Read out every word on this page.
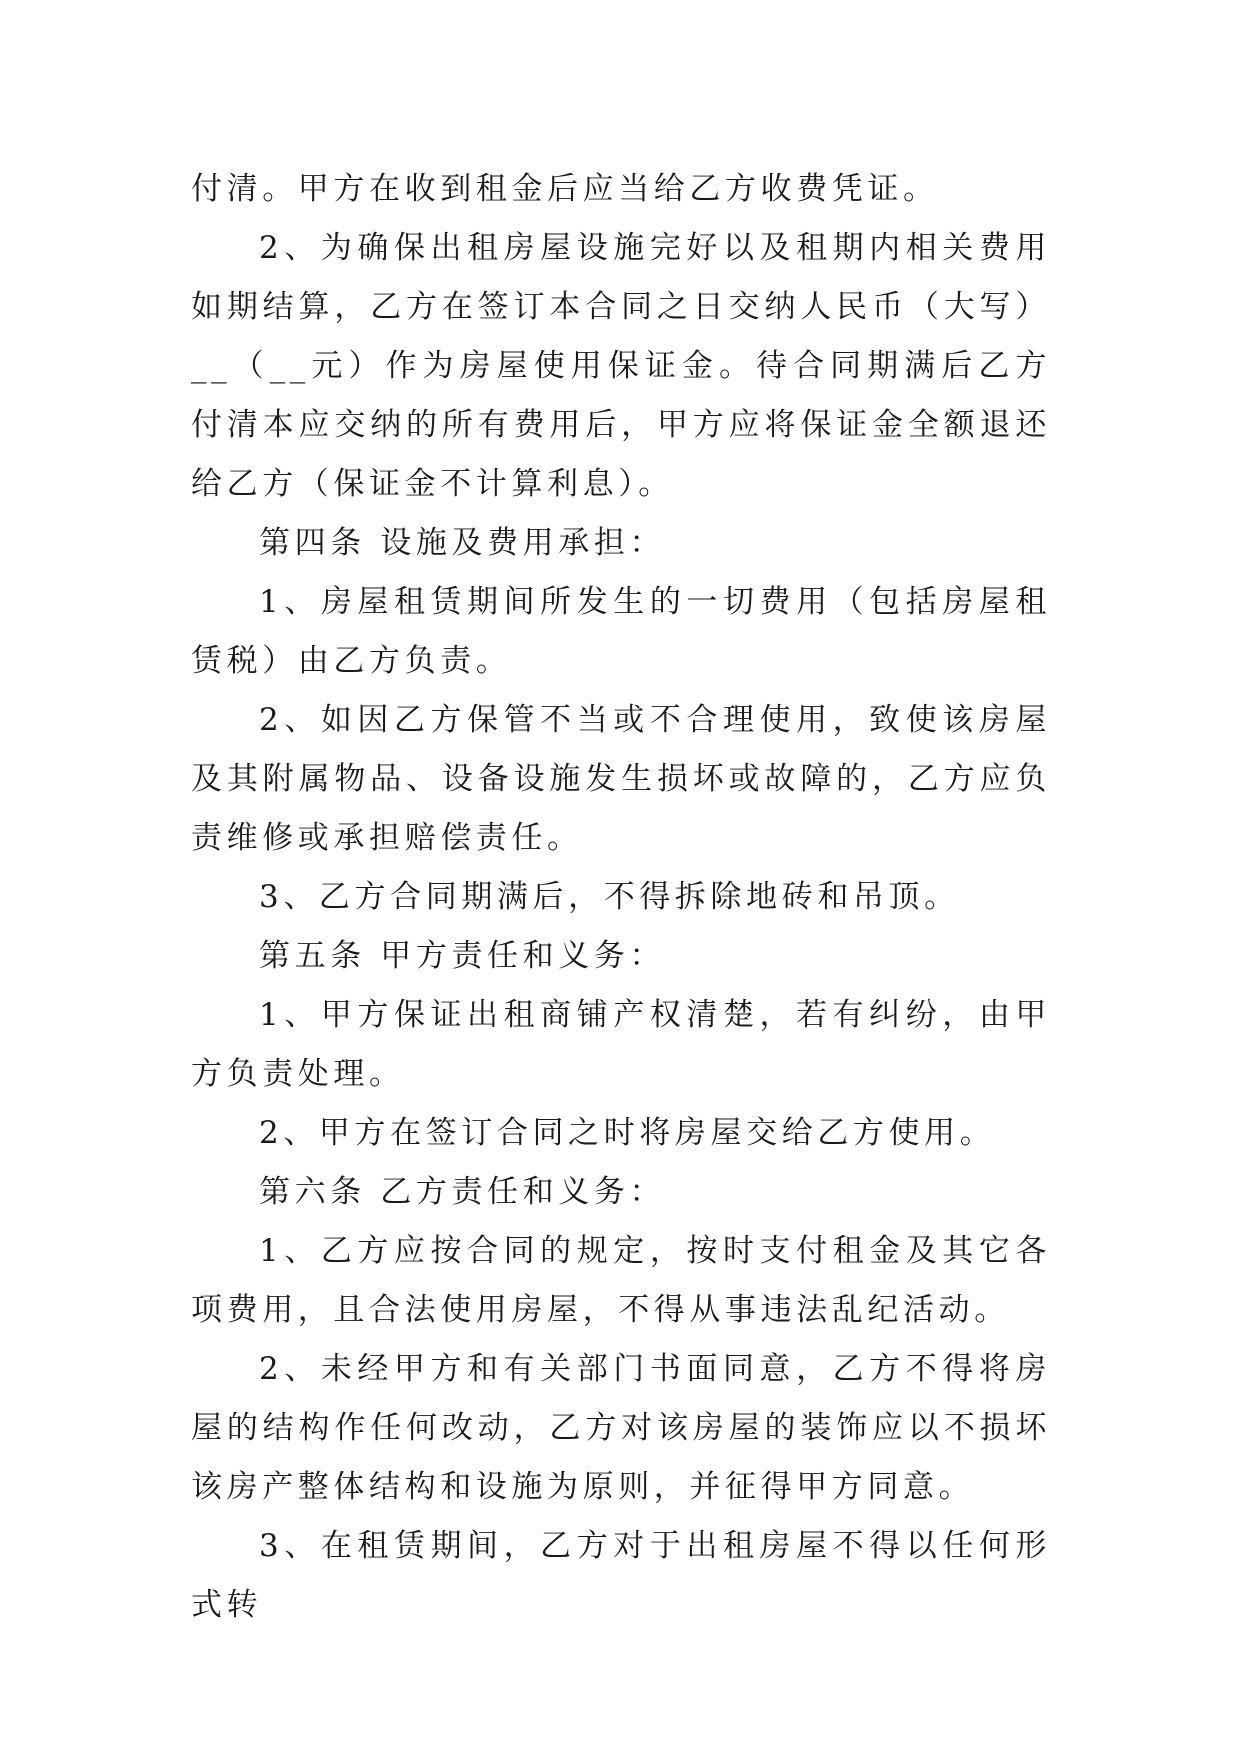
付清。甲方在收到租金后应当给乙方收费凭证。

2、为确保出租房屋设施完好以及租期内相关费用如期结算，乙方在签订本合同之日交纳人民币（大写）__（__元）作为房屋使用保证金。待合同期满后乙方付清本应交纳的所有费用后，甲方应将保证金全额退还给乙方（保证金不计算利息）。

第四条 设施及费用承担：

1、房屋租赁期间所发生的一切费用（包括房屋租赁税）由乙方负责。

2、如因乙方保管不当或不合理使用，致使该房屋及其附属物品、设备设施发生损坏或故障的，乙方应负责维修或承担赔偿责任。

3、乙方合同期满后，不得拆除地砖和吊顶。

第五条 甲方责任和义务：

1、甲方保证出租商铺产权清楚，若有纠纷，由甲方负责处理。

2、甲方在签订合同之时将房屋交给乙方使用。

第六条 乙方责任和义务：

1、乙方应按合同的规定，按时支付租金及其它各项费用，且合法使用房屋，不得从事违法乱纪活动。

2、未经甲方和有关部门书面同意，乙方不得将房屋的结构作任何改动，乙方对该房屋的装饰应以不损坏该房产整体结构和设施为原则，并征得甲方同意。

3、在租赁期间，乙方对于出租房屋不得以任何形式转
